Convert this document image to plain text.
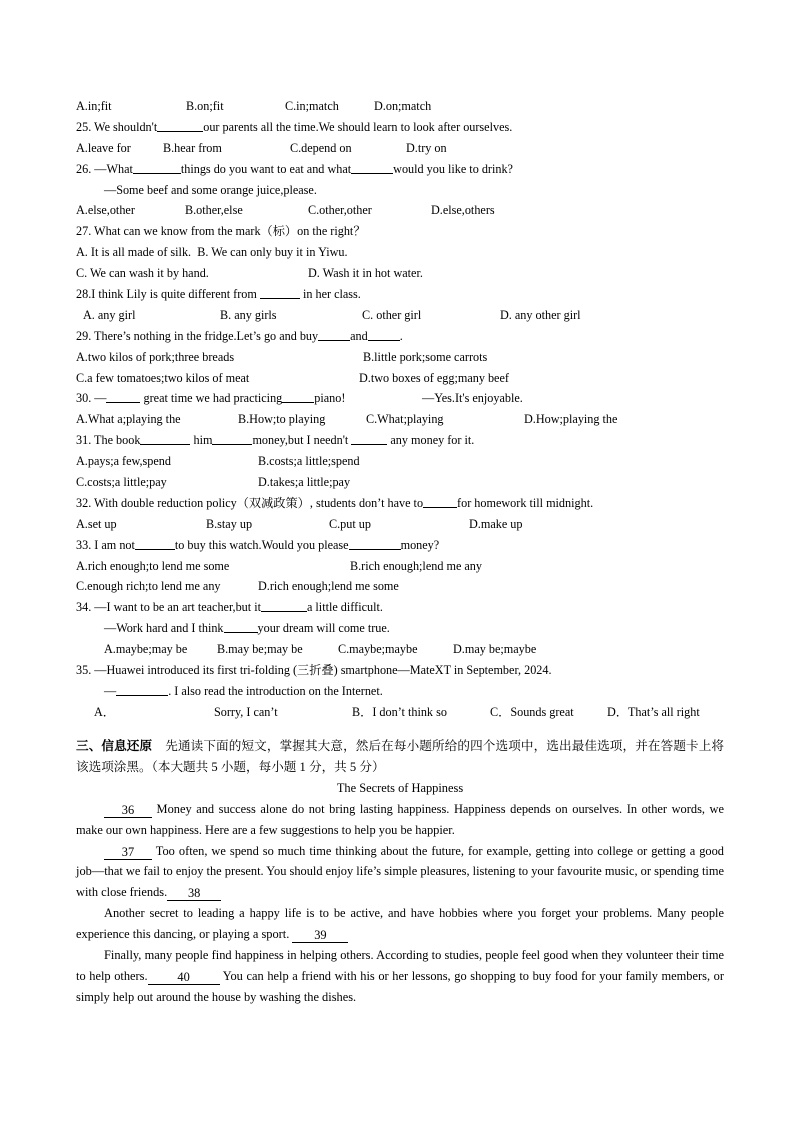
A.in;fit	B.on;fit	C.in;match	D.on;match
25. We shouldn't	our parents all the time.We should learn to look after ourselves.
A.leave for	B.hear from	C.depend on	D.try on
26. —What	things do you want to eat and what	would you like to drink?
—Some beef and some orange juice,please.
A.else,other	B.other,else	C.other,other	D.else,others
27. What can we know from the mark（标）on the right？
A. It is all made of silk. B. We can only buy it in Yiwu.
C. We can wash it by hand.	D. Wash it in hot water.
28.I think Lily is quite different from	in her class.
A. any girl	B. any girls	C. other girl	D. any other girl
29. There’s nothing in the fridge.Let’s go and buy	and	.
A.two kilos of pork;three breads	B.little pork;some carrots
C.a few tomatoes;two kilos of meat	D.two boxes of egg;many beef
30. —	great time we had practicing	piano!	—Yes.It's enjoyable.
A.What a;playing the	B.How;to playing	C.What;playing	D.How;playing the
31. The book	him	money,but I needn't	any money for it.
A.pays;a few,spend	B.costs;a little;spend
C.costs;a little;pay	D.takes;a little;pay
32. With double reduction policy（双减政策）, students don’t have to	for homework till midnight.
A.set up	B.stay up	C.put up	D.make up
33. I am not	to buy this watch.Would you please	money?
A.rich enough;to lend me some	B.rich enough;lend me any
C.enough rich;to lend me any	D.rich enough;lend me some
34. —I want to be an art teacher,but it	a little difficult.
—Work hard and I think	your dream will come true.
A.maybe;may be B.may be;may be	C.maybe;maybe	D.may be;maybe
35. —Huawei introduced its first tri-folding (三折叠) smartphone—MateXT in September, 2024.
—	. I also read the introduction on the Internet.
A．	Sorry, I can’t	B．I don’t think so	C．Sounds great	D．That’s all right
三、信息还原 先通读下面的短文，掌握其大意，然后在每小题所给的四个选项中，选出最佳选项，并在答题卡上将该选项涂黑。（本大题共 5 小题，每小题 1 分，共 5 分）
The Secrets of Happiness

36 Money and success alone do not bring lasting happiness. Happiness depends on ourselves. In other words, we make our own happiness. Here are a few suggestions to help you be happier.

37 Too often, we spend so much time thinking about the future, for example, getting into college or getting a good job—that we fail to enjoy the present. You should enjoy life’s simple pleasures, listening to your favourite music, or spending time with close friends. 38

Another secret to leading a happy life is to be active, and have hobbies where you forget your problems. Many people experience this dancing, or playing a sport. 39

Finally, many people find happiness in helping others. According to studies, people feel good when they volunteer their time to help others. 40 You can help a friend with his or her lessons, go shopping to buy food for your family members, or simply help out around the house by washing the dishes.
